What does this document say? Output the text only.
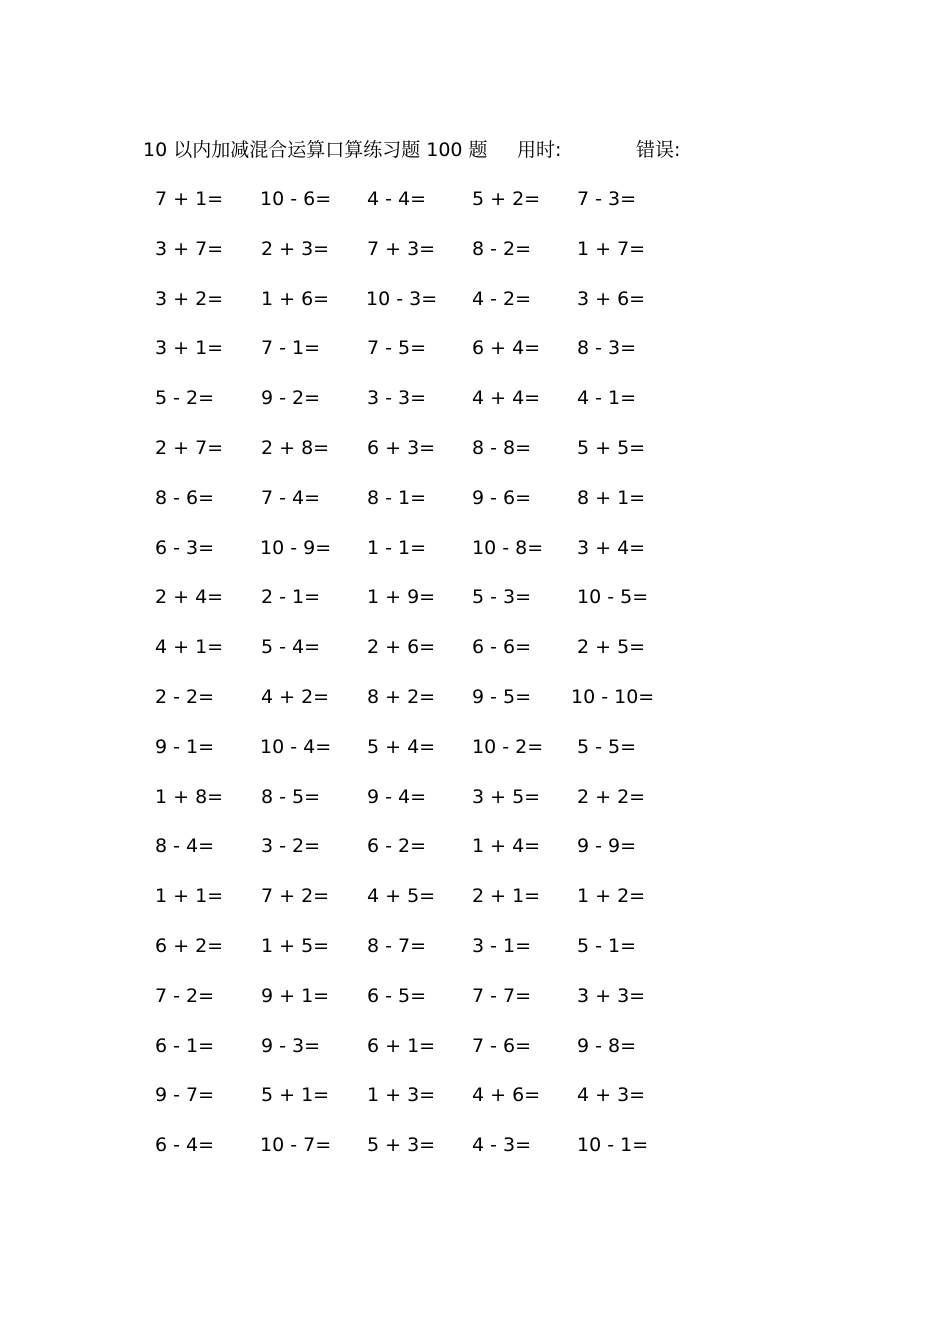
10 以内加减混合运算口算练习题 100 题 用时:	错误:
7 + 1= 10 - 6= 4 - 4= 5 + 2= 7 - 3=
3 + 7= 2 + 3= 7 + 3= 8 - 2= 1 + 7=
3 + 2= 1 + 6= 10 - 3= 4 - 2= 3 + 6=
3 + 1= 7 - 1= 7 - 5= 6 + 4= 8 - 3=
5 - 2= 9 - 2= 3 - 3= 4 + 4= 4 - 1=
2 + 7= 2 + 8= 6 + 3= 8 - 8= 5 + 5=
8 - 6= 7 - 4= 8 - 1= 9 - 6= 8 + 1=
6 - 3= 10 - 9= 1 - 1= 10 - 8= 3 + 4=
2 + 4= 2 - 1= 1 + 9= 5 - 3= 10 - 5=
4 + 1= 5 - 4= 2 + 6= 6 - 6= 2 + 5=
2 - 2= 4 + 2= 8 + 2= 9 - 5= 10 - 10=
9 - 1= 10 - 4= 5 + 4= 10 - 2= 5 - 5=
1 + 8= 8 - 5= 9 - 4= 3 + 5= 2 + 2=
8 - 4= 3 - 2= 6 - 2= 1 + 4= 9 - 9=
1 + 1= 7 + 2= 4 + 5= 2 + 1= 1 + 2=
6 + 2= 1 + 5= 8 - 7= 3 - 1= 5 - 1=
7 - 2= 9 + 1= 6 - 5= 7 - 7= 3 + 3=
6 - 1= 9 - 3= 6 + 1= 7 - 6= 9 - 8=
9 - 7= 5 + 1= 1 + 3= 4 + 6= 4 + 3=
6 - 4= 10 - 7= 5 + 3= 4 - 3= 10 - 1=
